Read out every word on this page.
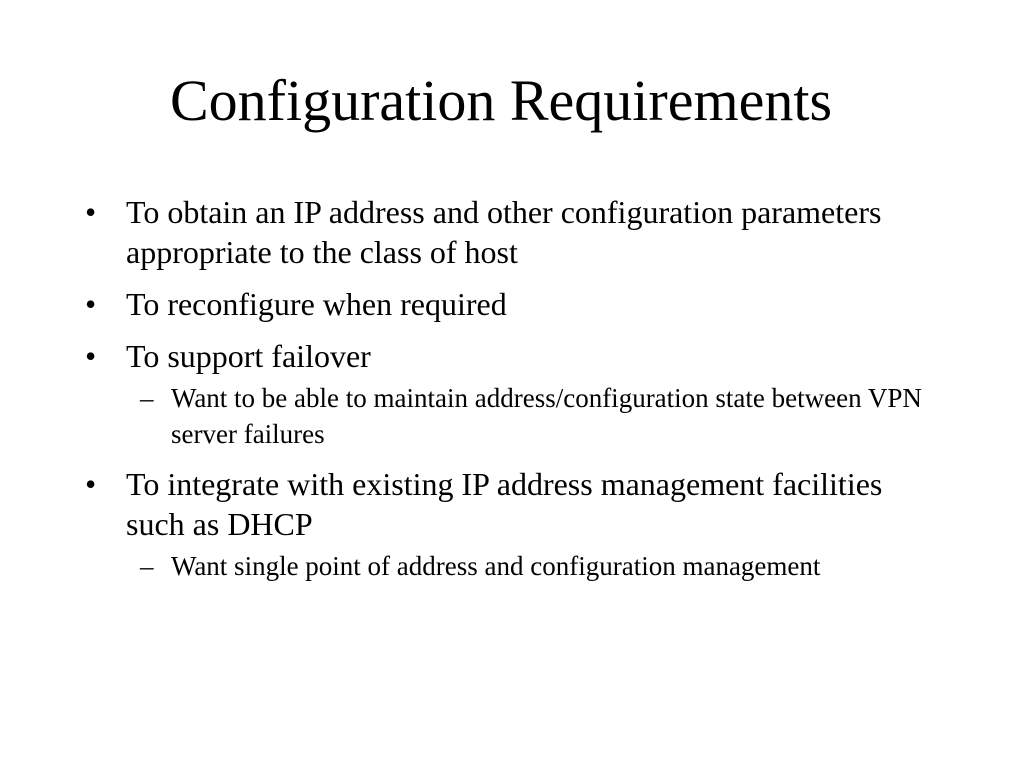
Configuration Requirements
• To obtain an IP address and other configuration parameters appropriate to the class of host
• To reconfigure when required
• To support failover
– Want to be able to maintain address/configuration state between VPN server failures
• To integrate with existing IP address management facilities such as DHCP
– Want single point of address and configuration management
